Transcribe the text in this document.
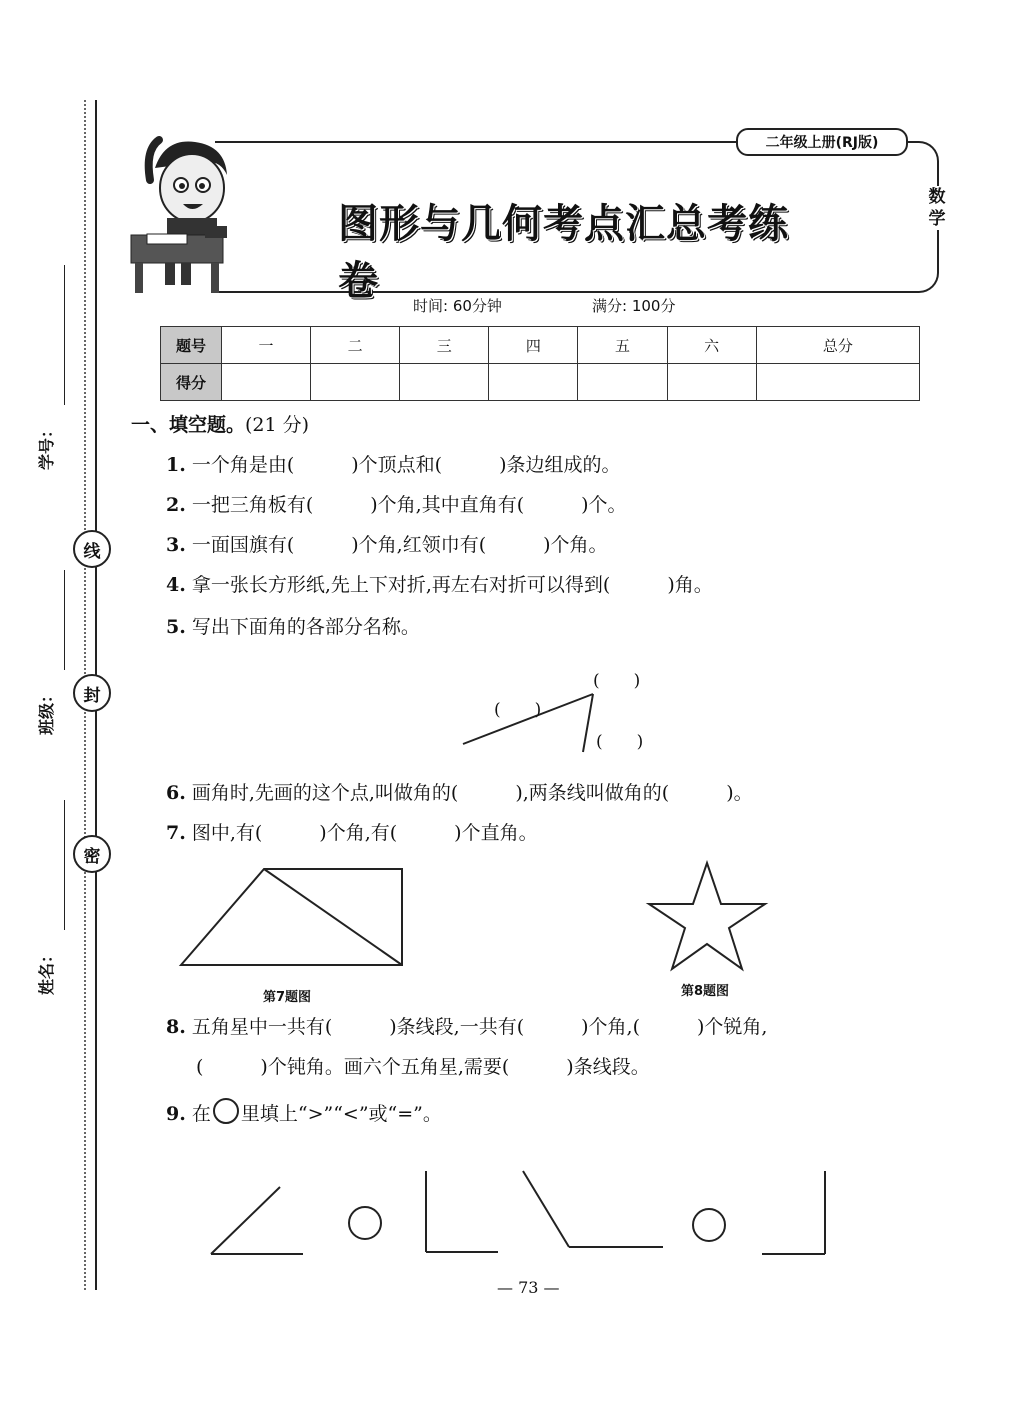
学号：
线
班级：	封
姓名：
密
二年级上册(RJ版)
数学
图形与几何考点汇总考练卷
时间: 60分钟	满分: 100分
题号	一	二	三	四	五	六	总分
得分							
一、填空题。(21 分)
1. 一个角是由(　　　)个顶点和(　　　)条边组成的。
2. 一把三角板有(　　　)个角,其中直角有(　　　)个。
3. 一面国旗有(　　　)个角,红领巾有(　　　)个角。
4. 拿一张长方形纸,先上下对折,再左右对折可以得到(　　　)角。
5. 写出下面角的各部分名称。
(　　)
(　　)
(　　)
6. 画角时,先画的这个点,叫做角的(　　　),两条线叫做角的(　　　)。
7. 图中,有(　　　)个角,有(　　　)个直角。
第7题图	第8题图
8. 五角星中一共有(　　　)条线段,一共有(　　　)个角,(　　　)个锐角,
(　　　)个钝角。画六个五角星,需要(　　　)条线段。
9. 在 里填上“>”“<”或“=”。
— 73 —
